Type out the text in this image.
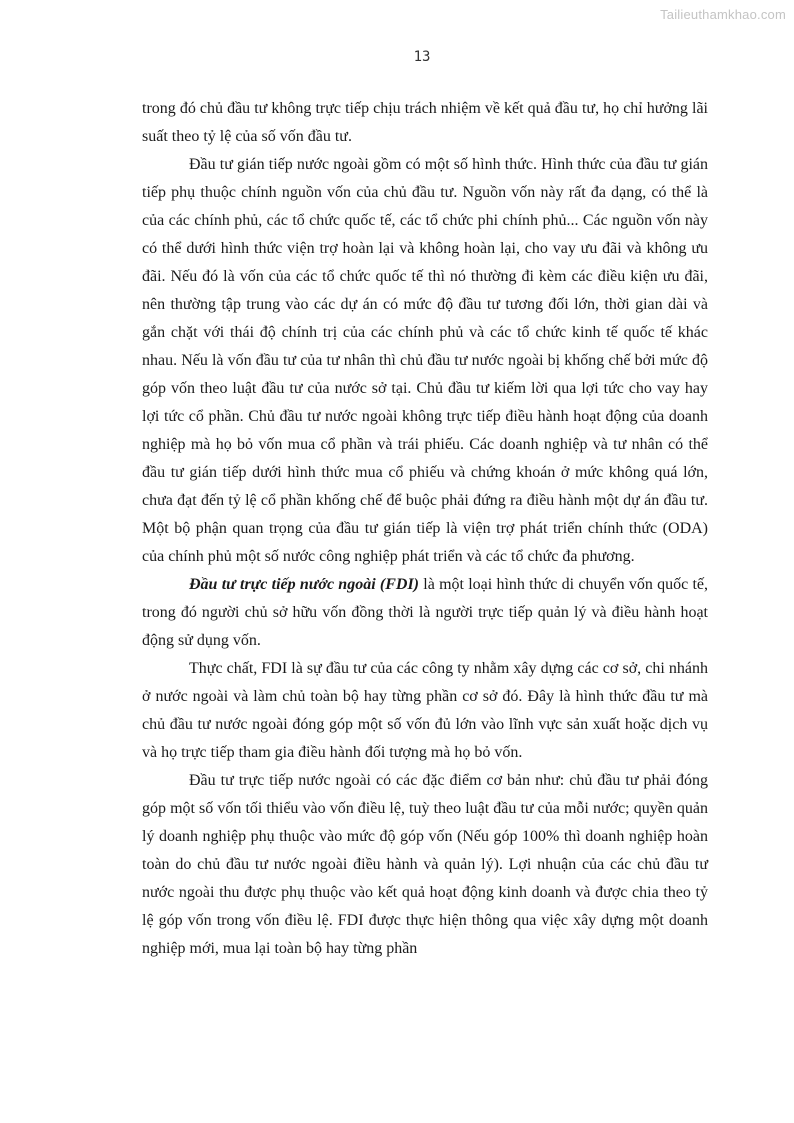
Tailieuthamkhao.com
13

trong đó chủ đầu tư không trực tiếp chịu trách nhiệm về kết quả đầu tư, họ chỉ hưởng lãi suất theo tỷ lệ của số vốn đầu tư.

Đầu tư gián tiếp nước ngoài gồm có một số hình thức. Hình thức của đầu tư gián tiếp phụ thuộc chính nguồn vốn của chủ đầu tư. Nguồn vốn này rất đa dạng, có thể là của các chính phủ, các tổ chức quốc tế, các tổ chức phi chính phủ... Các nguồn vốn này có thể dưới hình thức viện trợ hoàn lại và không hoàn lại, cho vay ưu đãi và không ưu đãi. Nếu đó là vốn của các tổ chức quốc tế thì nó thường đi kèm các điều kiện ưu đãi, nên thường tập trung vào các dự án có mức độ đầu tư tương đối lớn, thời gian dài và gắn chặt với thái độ chính trị của các chính phủ và các tổ chức kinh tế quốc tế khác nhau. Nếu là vốn đầu tư của tư nhân thì chủ đầu tư nước ngoài bị khống chế bởi mức độ góp vốn theo luật đầu tư của nước sở tại. Chủ đầu tư kiếm lời qua lợi tức cho vay hay lợi tức cổ phần. Chủ đầu tư nước ngoài không trực tiếp điều hành hoạt động của doanh nghiệp mà họ bỏ vốn mua cổ phần và trái phiếu. Các doanh nghiệp và tư nhân có thể đầu tư gián tiếp dưới hình thức mua cổ phiếu và chứng khoán ở mức không quá lớn, chưa đạt đến tỷ lệ cổ phần khống chế để buộc phải đứng ra điều hành một dự án đầu tư. Một bộ phận quan trọng của đầu tư gián tiếp là viện trợ phát triển chính thức (ODA) của chính phủ một số nước công nghiệp phát triển và các tổ chức đa phương.

Đầu tư trực tiếp nước ngoài (FDI) là một loại hình thức di chuyển vốn quốc tế, trong đó người chủ sở hữu vốn đồng thời là người trực tiếp quản lý và điều hành hoạt động sử dụng vốn.

Thực chất, FDI là sự đầu tư của các công ty nhằm xây dựng các cơ sở, chi nhánh ở nước ngoài và làm chủ toàn bộ hay từng phần cơ sở đó. Đây là hình thức đầu tư mà chủ đầu tư nước ngoài đóng góp một số vốn đủ lớn vào lĩnh vực sản xuất hoặc dịch vụ và họ trực tiếp tham gia điều hành đối tượng mà họ bỏ vốn.

Đầu tư trực tiếp nước ngoài có các đặc điểm cơ bản như: chủ đầu tư phải đóng góp một số vốn tối thiểu vào vốn điều lệ, tuỳ theo luật đầu tư của mỗi nước; quyền quản lý doanh nghiệp phụ thuộc vào mức độ góp vốn (Nếu góp 100% thì doanh nghiệp hoàn toàn do chủ đầu tư nước ngoài điều hành và quản lý). Lợi nhuận của các chủ đầu tư nước ngoài thu được phụ thuộc vào kết quả hoạt động kinh doanh và được chia theo tỷ lệ góp vốn trong vốn điều lệ. FDI được thực hiện thông qua việc xây dựng một doanh nghiệp mới, mua lại toàn bộ hay từng phần
